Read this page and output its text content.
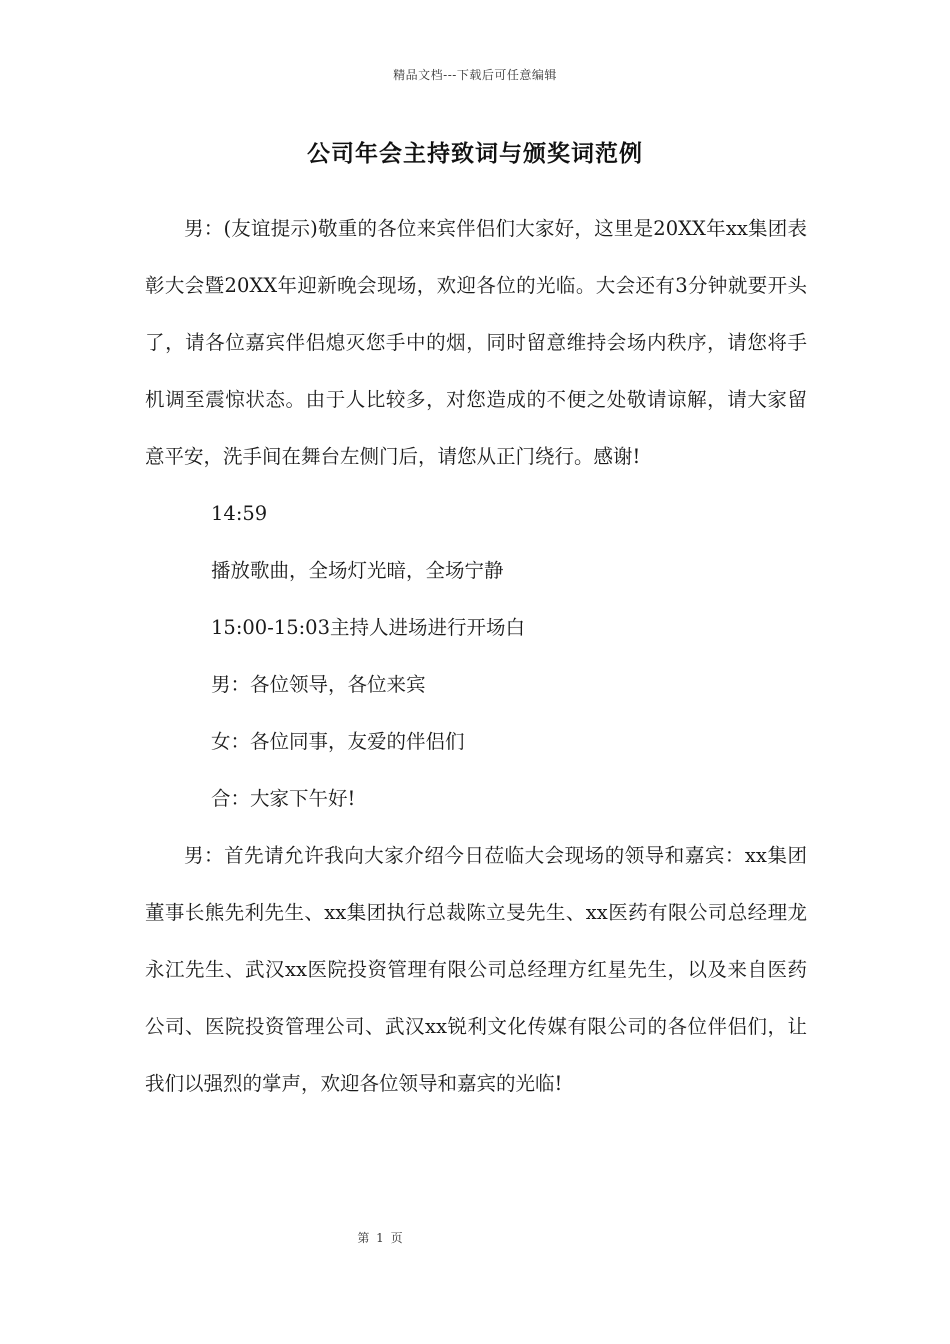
精品文档---下载后可任意编辑
公司年会主持致词与颁奖词范例

男：(友谊提示)敬重的各位来宾伴侣们大家好，这里是20XX年xx集团表彰大会暨20XX年迎新晚会现场，欢迎各位的光临。大会还有3分钟就要开头了，请各位嘉宾伴侣熄灭您手中的烟，同时留意维持会场内秩序，请您将手机调至震惊状态。由于人比较多，对您造成的不便之处敬请谅解，请大家留意平安，洗手间在舞台左侧门后，请您从正门绕行。感谢!

14:59

播放歌曲，全场灯光暗，全场宁静

15:00-15:03主持人进场进行开场白

男：各位领导，各位来宾

女：各位同事，友爱的伴侣们

合：大家下午好!

男：首先请允许我向大家介绍今日莅临大会现场的领导和嘉宾：xx集团董事长熊先利先生、xx集团执行总裁陈立旻先生、xx医药有限公司总经理龙永江先生、武汉xx医院投资管理有限公司总经理方红星先生，以及来自医药公司、医院投资管理公司、武汉xx锐利文化传媒有限公司的各位伴侣们，让我们以强烈的掌声，欢迎各位领导和嘉宾的光临!

第 1 页
